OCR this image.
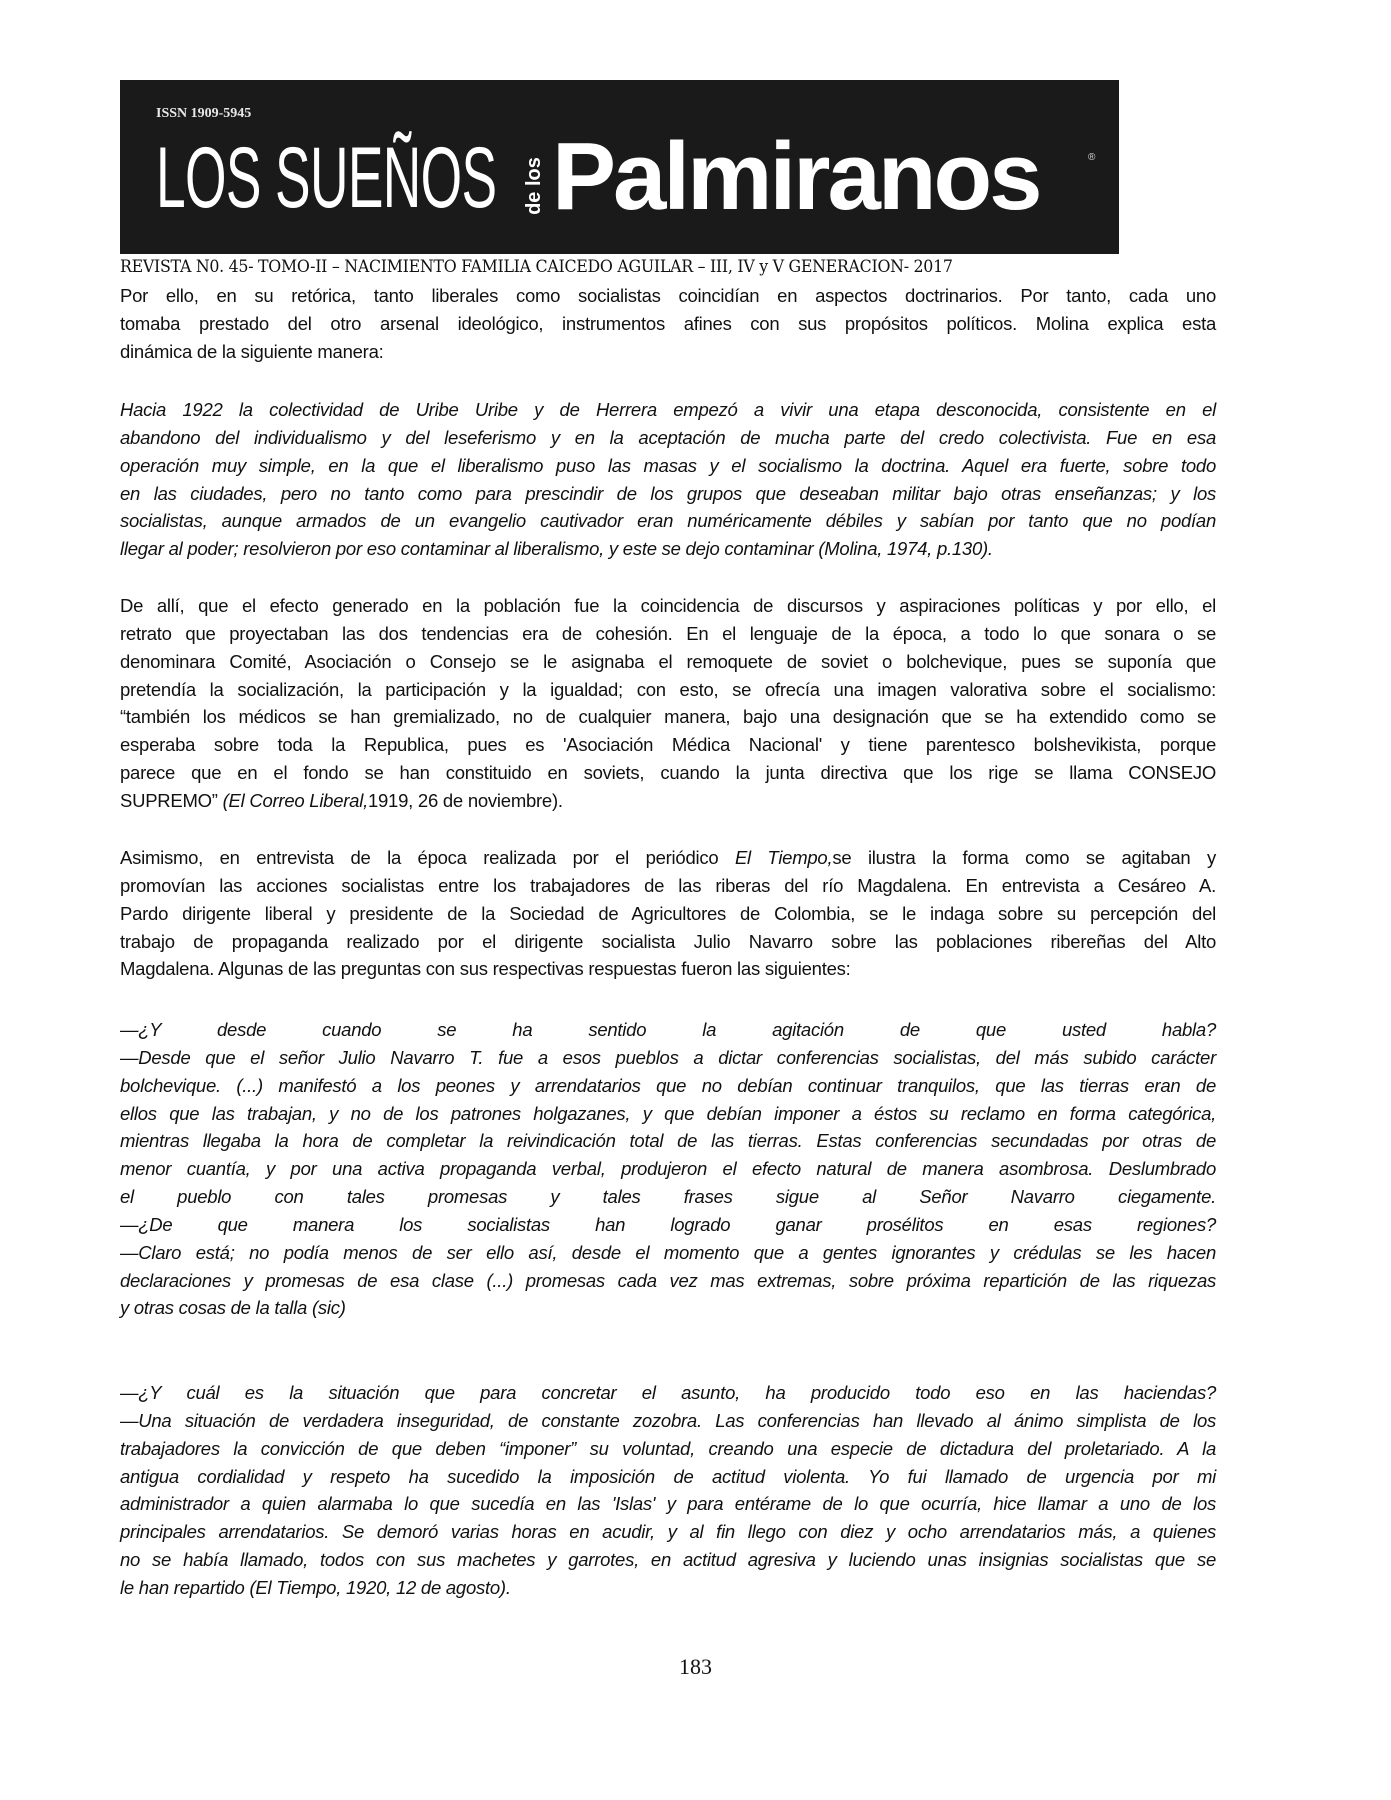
ISSN 1909-5945
LOS SUEÑOS de los Palmiranos	®
REVISTA N0. 45- TOMO-II – NACIMIENTO FAMILIA CAICEDO AGUILAR – III, IV y V GENERACION- 2017
Por ello, en su retórica, tanto liberales como socialistas coincidían en aspectos doctrinarios. Por tanto, cada uno
tomaba prestado del otro arsenal ideológico, instrumentos afines con sus propósitos políticos. Molina explica esta
dinámica de la siguiente manera:
Hacia 1922 la colectividad de Uribe Uribe y de Herrera empezó a vivir una etapa desconocida, consistente en el
abandono del individualismo y del leseferismo y en la aceptación de mucha parte del credo colectivista. Fue en esa
operación muy simple, en la que el liberalismo puso las masas y el socialismo la doctrina. Aquel era fuerte, sobre todo
en las ciudades, pero no tanto como para prescindir de los grupos que deseaban militar bajo otras enseñanzas; y los
socialistas, aunque armados de un evangelio cautivador eran numéricamente débiles y sabían por tanto que no podían
llegar al poder; resolvieron por eso contaminar al liberalismo, y este se dejo contaminar (Molina, 1974, p.130).
De allí, que el efecto generado en la población fue la coincidencia de discursos y aspiraciones políticas y por ello, el
retrato que proyectaban las dos tendencias era de cohesión. En el lenguaje de la época, a todo lo que sonara o se
denominara Comité, Asociación o Consejo se le asignaba el remoquete de soviet o bolchevique, pues se suponía que
pretendía la socialización, la participación y la igualdad; con esto, se ofrecía una imagen valorativa sobre el socialismo:
“también los médicos se han gremializado, no de cualquier manera, bajo una designación que se ha extendido como se
esperaba sobre toda la Republica, pues es 'Asociación Médica Nacional' y tiene parentesco bolshevikista, porque
parece que en el fondo se han constituido en soviets, cuando la junta directiva que los rige se llama CONSEJO
SUPREMO” (El Correo Liberal,1919, 26 de noviembre).
Asimismo, en entrevista de la época realizada por el periódico El Tiempo,se ilustra la forma como se agitaban y
promovían las acciones socialistas entre los trabajadores de las riberas del río Magdalena. En entrevista a Cesáreo A.
Pardo dirigente liberal y presidente de la Sociedad de Agricultores de Colombia, se le indaga sobre su percepción del
trabajo de propaganda realizado por el dirigente socialista Julio Navarro sobre las poblaciones ribereñas del Alto
Magdalena. Algunas de las preguntas con sus respectivas respuestas fueron las siguientes:
—¿Y desde cuando se ha sentido la agitación de que usted habla?
—Desde que el señor Julio Navarro T. fue a esos pueblos a dictar conferencias socialistas, del más subido carácter
bolchevique. (...) manifestó a los peones y arrendatarios que no debían continuar tranquilos, que las tierras eran de
ellos que las trabajan, y no de los patrones holgazanes, y que debían imponer a éstos su reclamo en forma categórica,
mientras llegaba la hora de completar la reivindicación total de las tierras. Estas conferencias secundadas por otras de
menor cuantía, y por una activa propaganda verbal, produjeron el efecto natural de manera asombrosa. Deslumbrado
el pueblo con tales promesas y tales frases sigue al Señor Navarro ciegamente.
—¿De que manera los socialistas han logrado ganar prosélitos en esas regiones?
—Claro está; no podía menos de ser ello así, desde el momento que a gentes ignorantes y crédulas se les hacen
declaraciones y promesas de esa clase (...) promesas cada vez mas extremas, sobre próxima repartición de las riquezas
y otras cosas de la talla (sic)
—¿Y cuál es la situación que para concretar el asunto, ha producido todo eso en las haciendas?
—Una situación de verdadera inseguridad, de constante zozobra. Las conferencias han llevado al ánimo simplista de los
trabajadores la convicción de que deben “imponer” su voluntad, creando una especie de dictadura del proletariado. A la
antigua cordialidad y respeto ha sucedido la imposición de actitud violenta. Yo fui llamado de urgencia por mi
administrador a quien alarmaba lo que sucedía en las 'Islas' y para entérame de lo que ocurría, hice llamar a uno de los
principales arrendatarios. Se demoró varias horas en acudir, y al fin llego con diez y ocho arrendatarios más, a quienes
no se había llamado, todos con sus machetes y garrotes, en actitud agresiva y luciendo unas insignias socialistas que se
le han repartido (El Tiempo, 1920, 12 de agosto).
183
